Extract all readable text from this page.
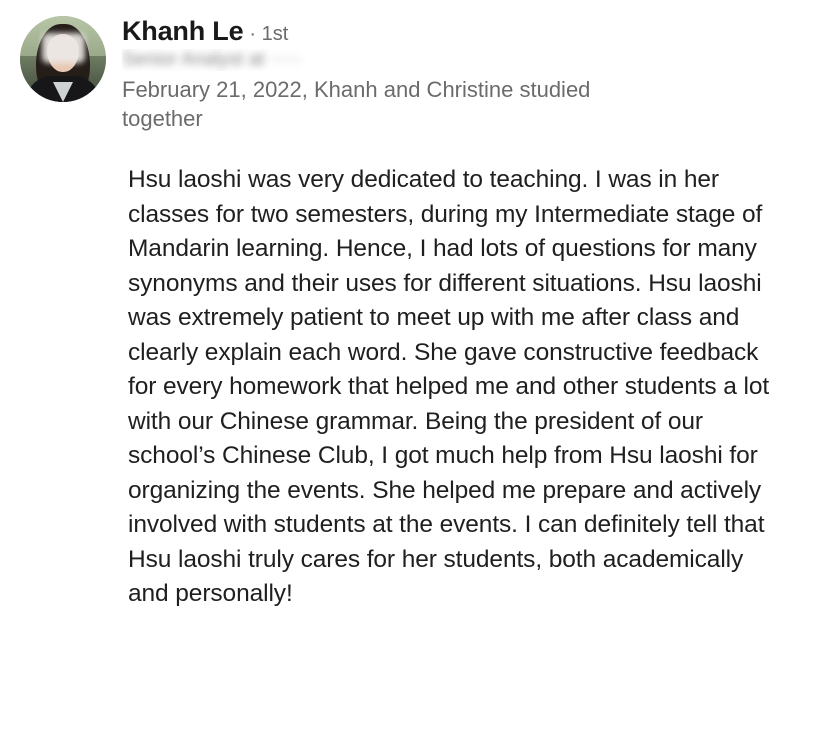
Khanh Le · 1st
Senior Analyst at ·····
February 21, 2022, Khanh and Christine studied together
Hsu laoshi was very dedicated to teaching. I was in her classes for two semesters, during my Intermediate stage of Mandarin learning. Hence, I had lots of questions for many synonyms and their uses for different situations. Hsu laoshi was extremely patient to meet up with me after class and clearly explain each word. She gave constructive feedback for every homework that helped me and other students a lot with our Chinese grammar. Being the president of our school’s Chinese Club, I got much help from Hsu laoshi for organizing the events. She helped me prepare and actively involved with students at the events. I can definitely tell that Hsu laoshi truly cares for her students, both academically and personally!
